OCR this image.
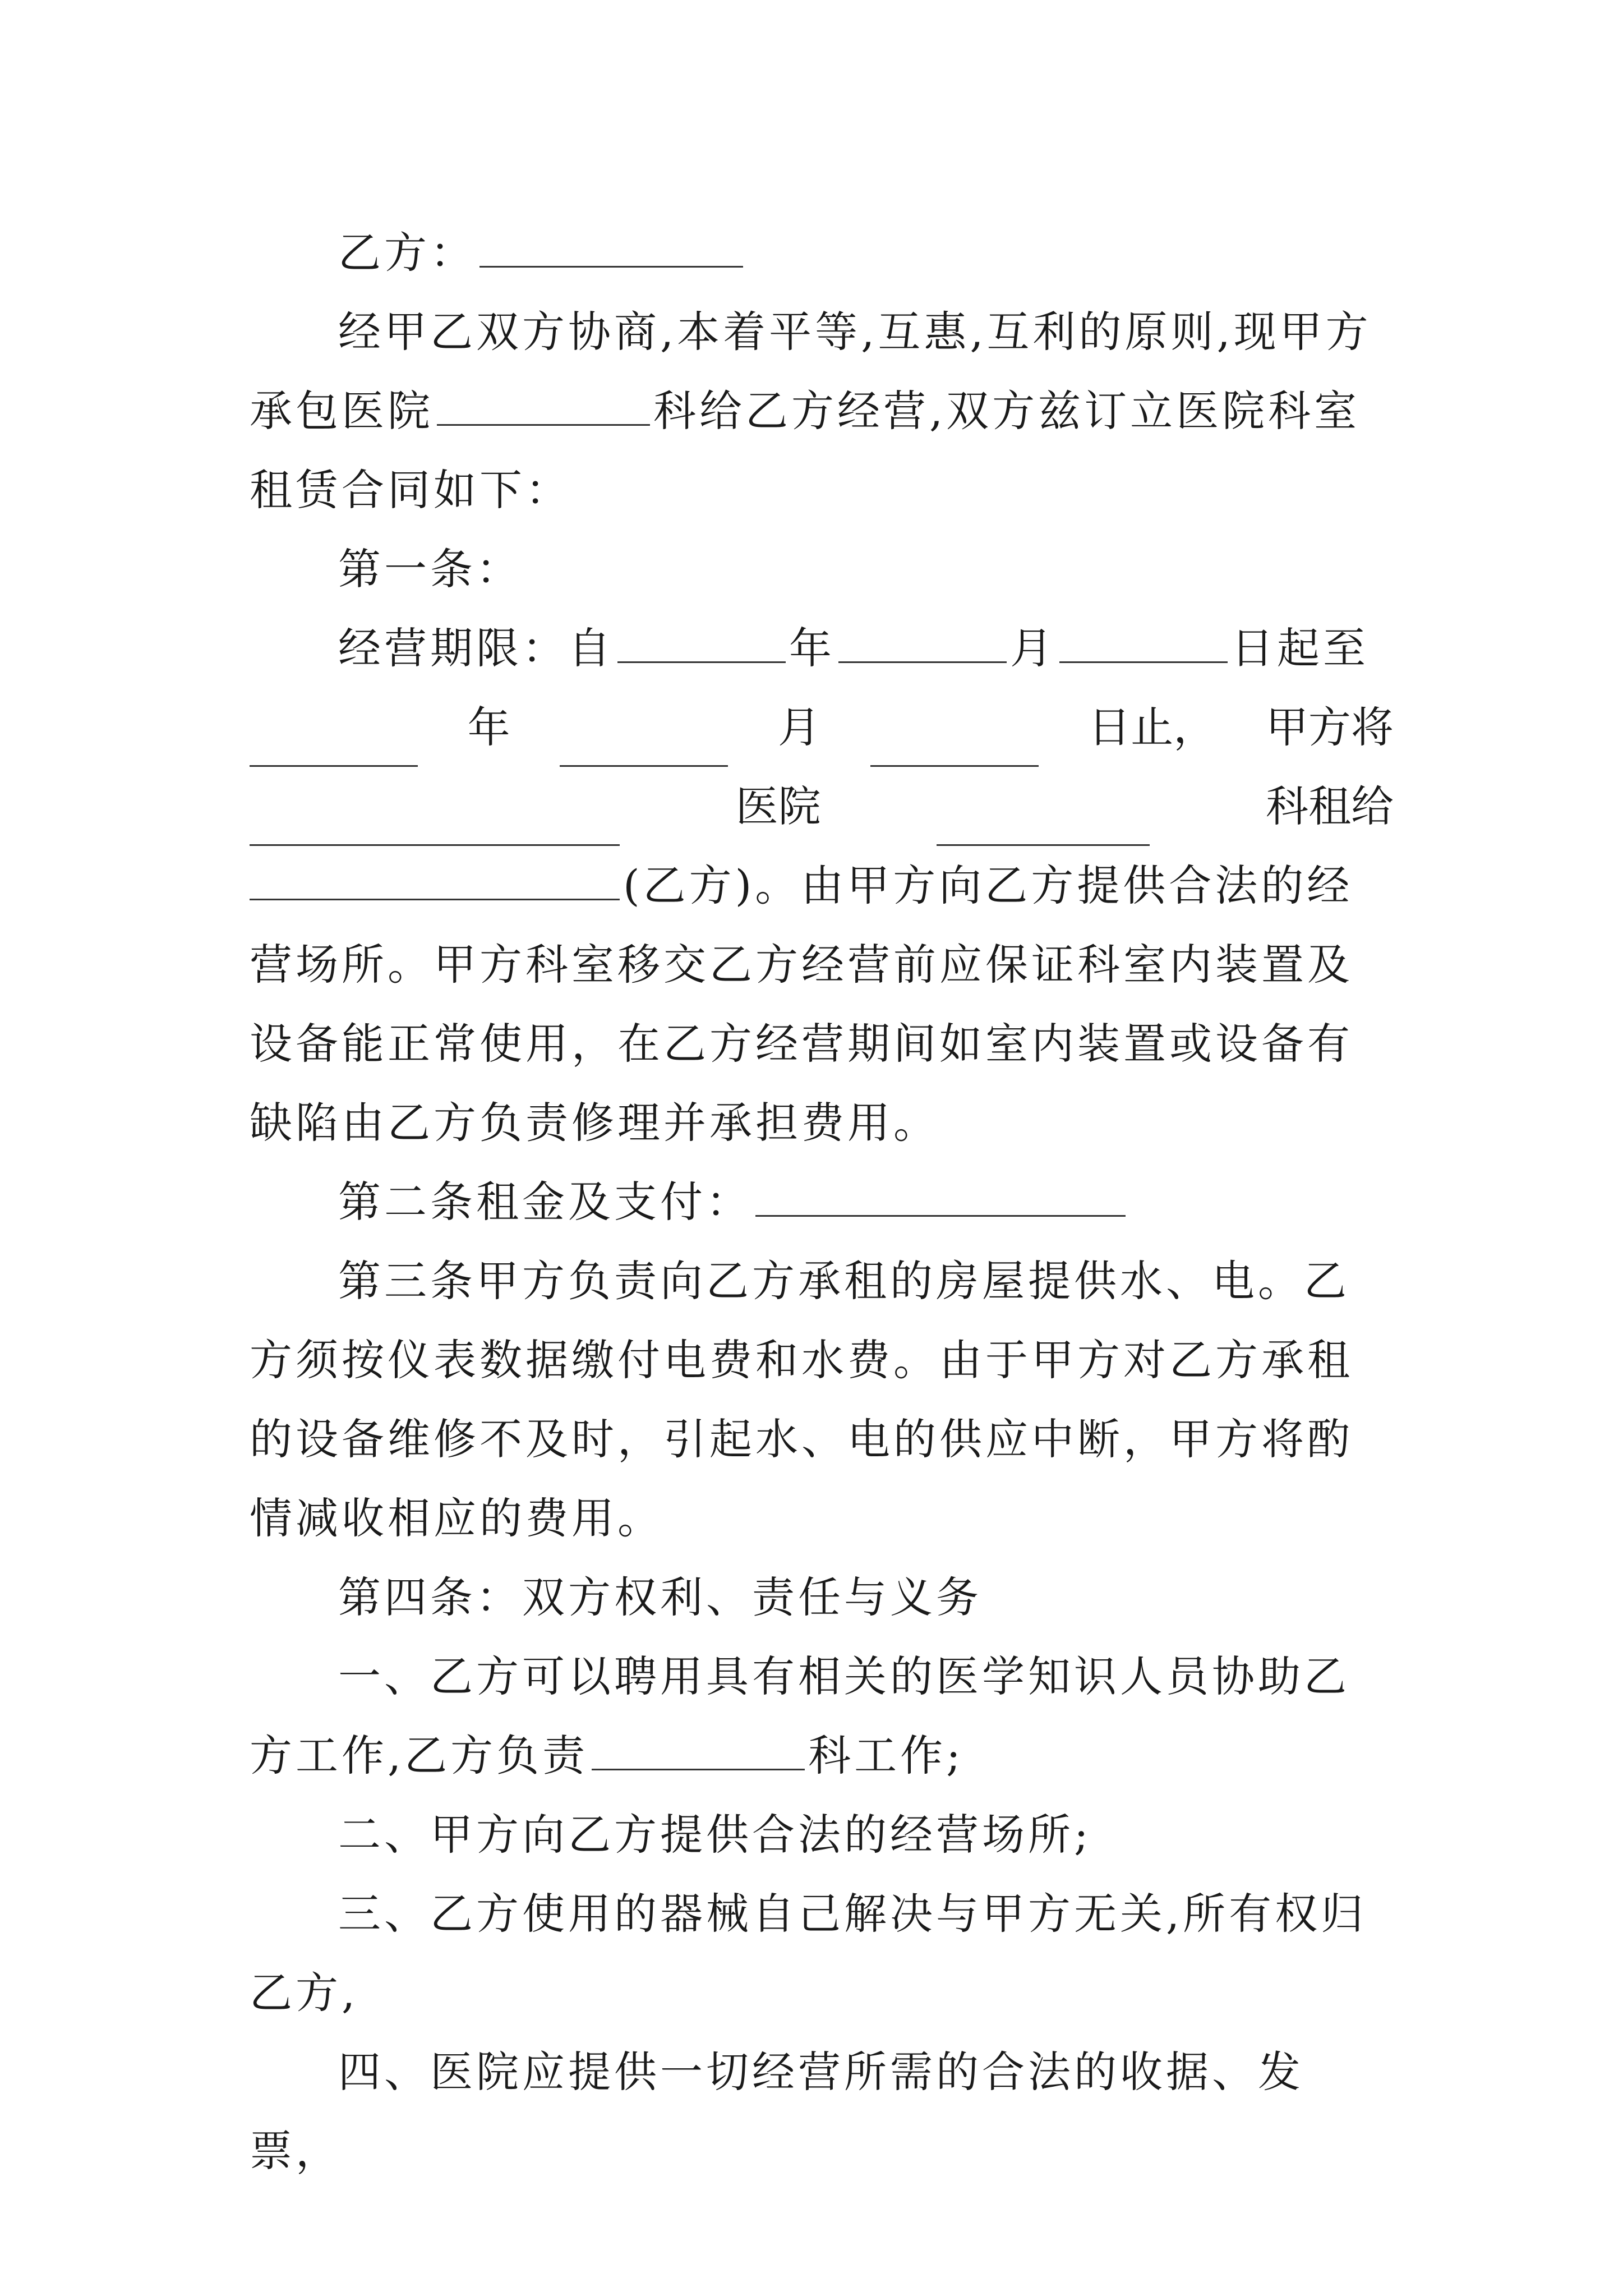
乙方：

经甲乙双方协商,本着平等,互惠,互利的原则,现甲方承包医院	科给乙方经营,双方兹订立医院科室租赁合同如下：

第一条：

经营期限：自	年	月	日起至

年	月	日止， 甲方将
医院	科租给

(乙方)。由甲方向乙方提供合法的经营场所。甲方科室移交乙方经营前应保证科室内装置及设备能正常使用，在乙方经营期间如室内装置或设备有缺陷由乙方负责修理并承担费用。

第二条租金及支付：

第三条甲方负责向乙方承租的房屋提供水、电。乙方须按仪表数据缴付电费和水费。由于甲方对乙方承租的设备维修不及时，引起水、电的供应中断，甲方将酌情减收相应的费用。

第四条：双方权利、责任与义务

一、乙方可以聘用具有相关的医学知识人员协助乙方工作,乙方负责	科工作;

二、甲方向乙方提供合法的经营场所;

三、乙方使用的器械自己解决与甲方无关,所有权归乙方,

四、医院应提供一切经营所需的合法的收据、发票，
